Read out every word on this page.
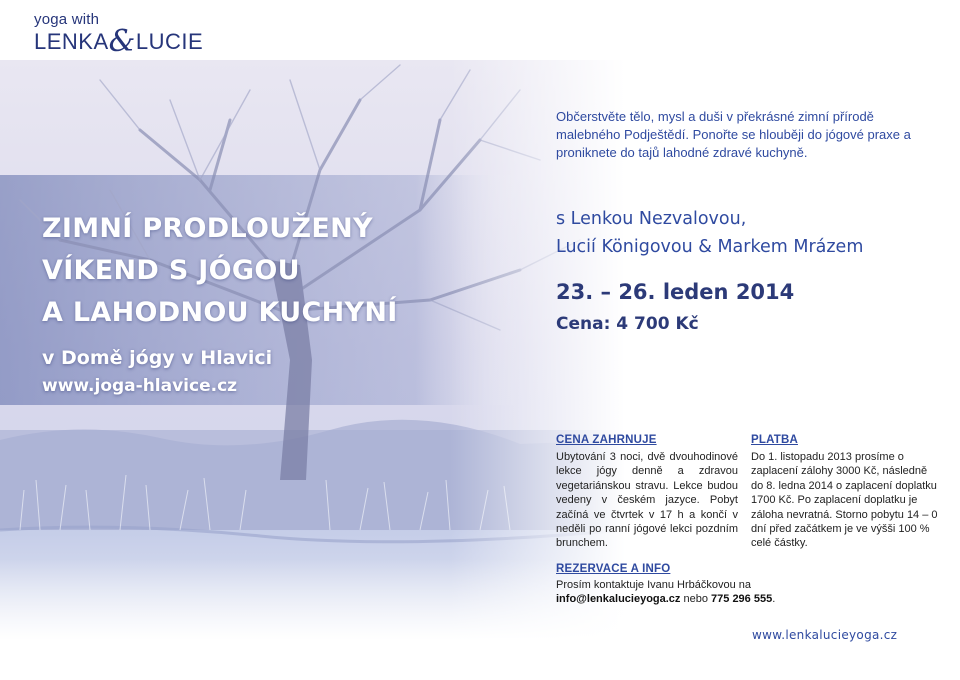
yoga with
LENKA&LUCIE
ZIMNÍ PRODLOUŽENÝ
VÍKEND S JÓGOU
A LAHODNOU KUCHYNÍ
v Domě jógy v Hlavici
www.joga-hlavice.cz
Občerstvěte tělo, mysl a duši v překrásné zimní přírodě malebného Podještědí. Ponořte se hlouběji do jógové praxe a proniknete do tajů lahodné zdravé kuchyně.
s Lenkou Nezvalovou,
Lucií Königovou & Markem Mrázem
23. – 26. leden 2014
Cena: 4 700 Kč
CENA ZAHRNUJE
Ubytování 3 noci, dvě dvouhodinové lekce jógy denně a zdravou vegetariánskou stravu. Lekce budou vedeny v českém jazyce. Pobyt začíná ve čtvrtek v 17 h a končí v neděli po ranní jógové lekci pozdním brunchem.
PLATBA
Do 1. listopadu 2013 prosíme o zaplacení zálohy 3000 Kč, následně do 8. ledna 2014 o zaplacení doplatku 1700 Kč. Po zaplacení doplatku je záloha nevratná. Storno pobytu 14 – 0 dní před začátkem je ve výšši 100 % celé částky.
REZERVACE A INFO
Prosím kontaktuje Ivanu Hrbáčkovou na
info@lenkalucieyoga.cz nebo 775 296 555.
www.lenkalucieyoga.cz
